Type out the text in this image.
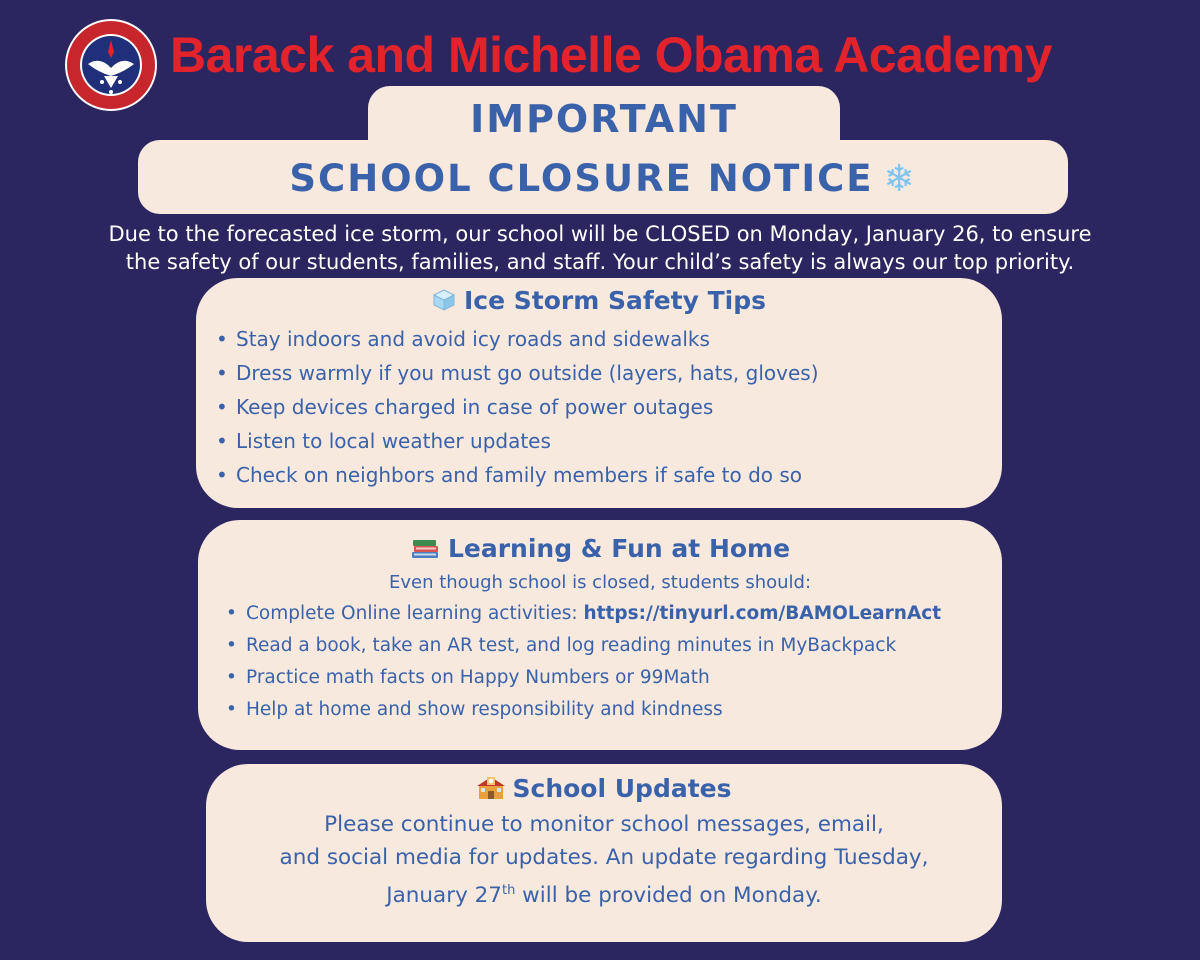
Barack and Michelle Obama Academy
IMPORTANT
SCHOOL CLOSURE NOTICE ❄
Due to the forecasted ice storm, our school will be CLOSED on Monday, January 26, to ensure
the safety of our students, families, and staff. Your child’s safety is always our top priority.
Ice Storm Safety Tips
• Stay indoors and avoid icy roads and sidewalks
• Dress warmly if you must go outside (layers, hats, gloves)
• Keep devices charged in case of power outages
• Listen to local weather updates
• Check on neighbors and family members if safe to do so
Learning & Fun at Home
Even though school is closed, students should:
• Complete Online learning activities: https://tinyurl.com/BAMOLearnAct
• Read a book, take an AR test, and log reading minutes in MyBackpack
• Practice math facts on Happy Numbers or 99Math
• Help at home and show responsibility and kindness
School Updates
Please continue to monitor school messages, email,
and social media for updates. An update regarding Tuesday,
January 27th will be provided on Monday.
